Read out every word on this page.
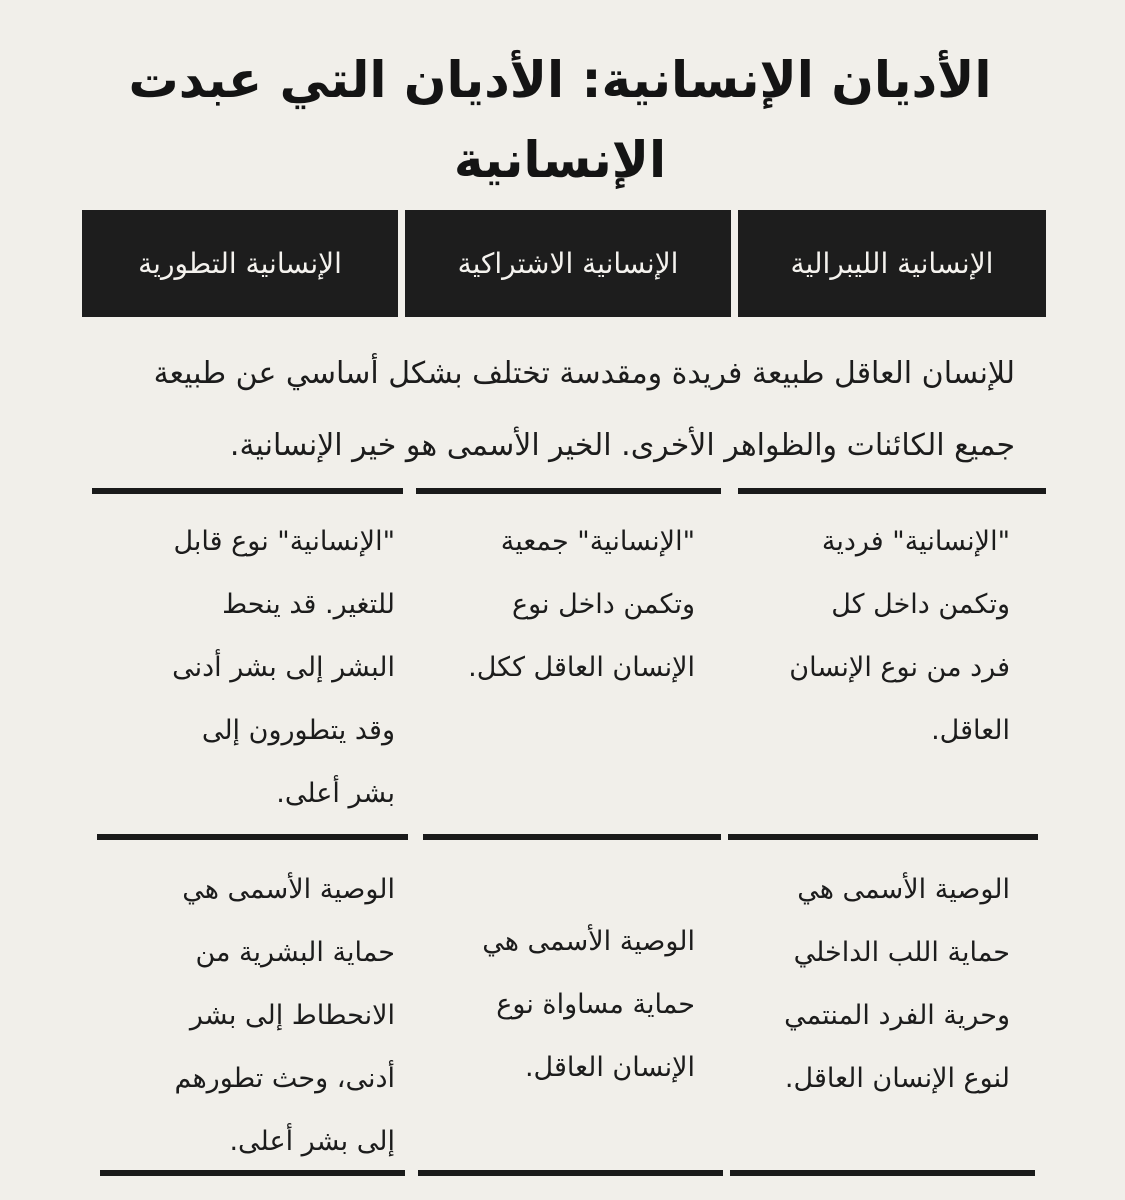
الأديان الإنسانية: الأديان التي عبدت
الإنسانية
الإنسانية الليبرالية
الإنسانية الاشتراكية
الإنسانية التطورية
للإنسان العاقل طبيعة فريدة ومقدسة تختلف بشكل أساسي عن طبيعة
جميع الكائنات والظواهر الأخرى. الخير الأسمى هو خير الإنسانية.
"الإنسانية" فردية
وتكمن داخل كل
فرد من نوع الإنسان
العاقل.
"الإنسانية" جمعية
وتكمن داخل نوع
الإنسان العاقل ككل.
"الإنسانية" نوع قابل
للتغير. قد ينحط
البشر إلى بشر أدنى
وقد يتطورون إلى
بشر أعلى.
الوصية الأسمى هي
حماية اللب الداخلي
وحرية الفرد المنتمي
لنوع الإنسان العاقل.
الوصية الأسمى هي
حماية مساواة نوع
الإنسان العاقل.
الوصية الأسمى هي
حماية البشرية من
الانحطاط إلى بشر
أدنى، وحث تطورهم
إلى بشر أعلى.
